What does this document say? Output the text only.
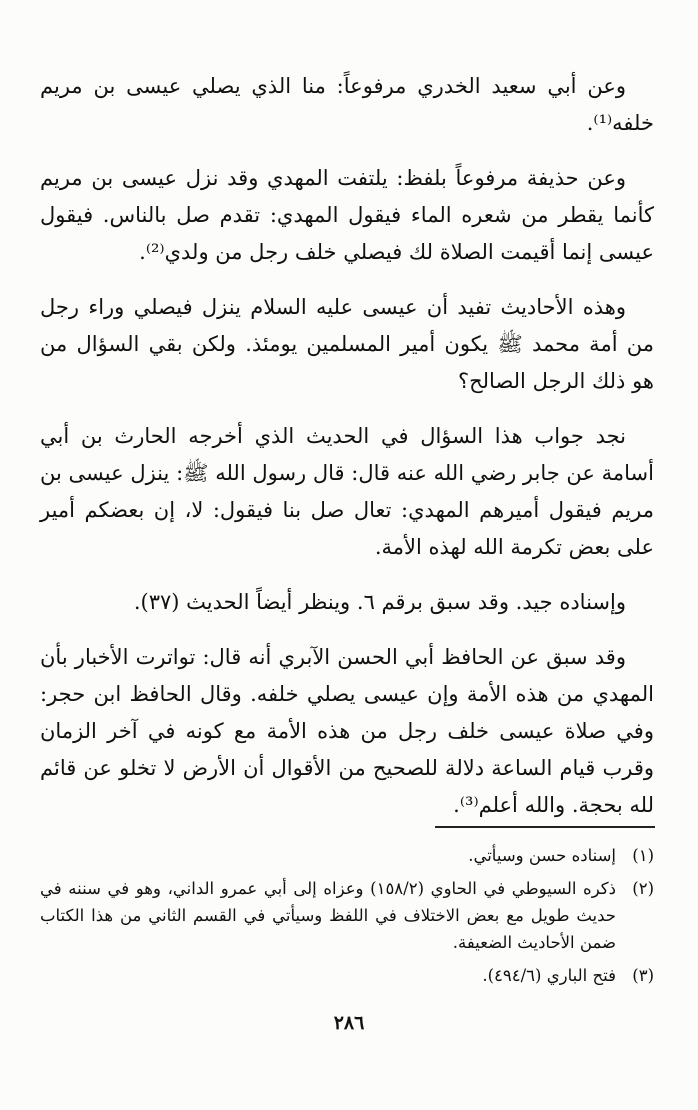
وعن أبي سعيد الخدري مرفوعاً: منا الذي يصلي عيسى بن مريم خلفه⁽¹⁾.

وعن حذيفة مرفوعاً بلفظ: يلتفت المهدي وقد نزل عيسى بن مريم كأنما يقطر من شعره الماء فيقول المهدي: تقدم صل بالناس. فيقول عيسى إنما أقيمت الصلاة لك فيصلي خلف رجل من ولدي⁽²⁾.

وهذه الأحاديث تفيد أن عيسى عليه السلام ينزل فيصلي وراء رجل من أمة محمد ﷺ يكون أمير المسلمين يومئذ. ولكن بقي السؤال من هو ذلك الرجل الصالح؟

نجد جواب هذا السؤال في الحديث الذي أخرجه الحارث بن أبي أسامة عن جابر رضي الله عنه قال: قال رسول الله ﷺ: ينزل عيسى بن مريم فيقول أميرهم المهدي: تعال صل بنا فيقول: لا، إن بعضكم أمير على بعض تكرمة الله لهذه الأمة.

وإسناده جيد. وقد سبق برقم ٦. وينظر أيضاً الحديث (٣٧).

وقد سبق عن الحافظ أبي الحسن الآبري أنه قال: تواترت الأخبار بأن المهدي من هذه الأمة وإن عيسى يصلي خلفه. وقال الحافظ ابن حجر: وفي صلاة عيسى خلف رجل من هذه الأمة مع كونه في آخر الزمان وقرب قيام الساعة دلالة للصحيح من الأقوال أن الأرض لا تخلو عن قائم لله بحجة. والله أعلم⁽³⁾.

(١)
إسناده حسن وسيأتي.
(٢)
ذكره السيوطي في الحاوي (١٥٨/٢) وعزاه إلى أبي عمرو الداني، وهو في سننه في حديث طويل مع بعض الاختلاف في اللفظ وسيأتي في القسم الثاني من هذا الكتاب ضمن الأحاديث الضعيفة.
(٣)
فتح الباري (٤٩٤/٦).
٢٨٦
